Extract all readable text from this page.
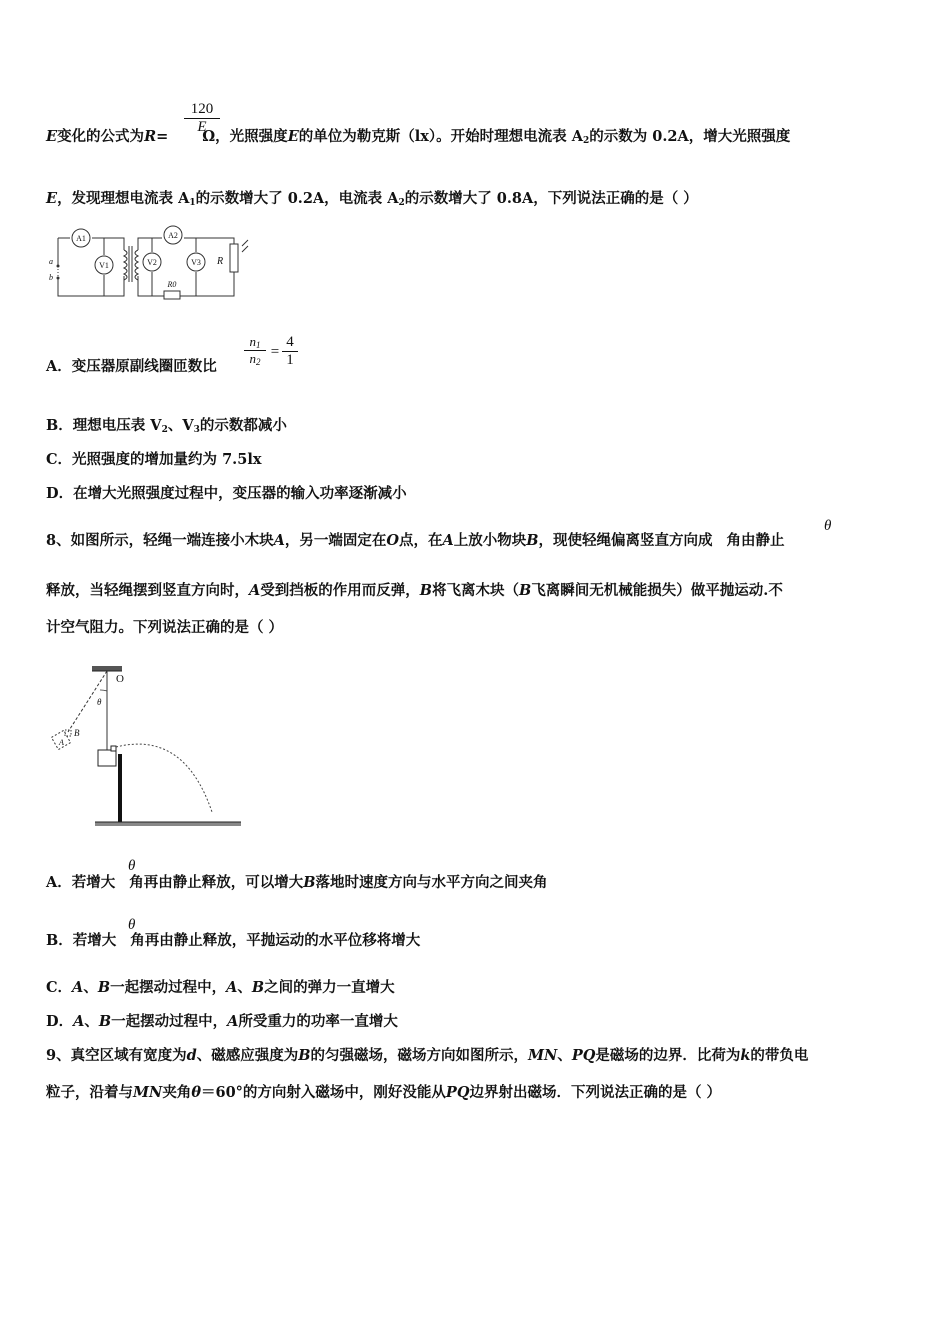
E变化的公式为R= Ω，光照强度E的单位为勒克斯（lx）。开始时理想电流表 $A_2$的示数为 0.2A，增大光照强度
120
E
E，发现理想电流表 $A_1$的示数增大了 0.2A，电流表 $A_2$的示数增大了 0.8A，下列说法正确的是（ ）
a
b
A1
V1
A2
V2	V3 R
R0
A．变压器原副线圈匝数比
$n_1$
$n_2$
=
4
1
B．理想电压表 $V_2$、$V_3$的示数都减小
C．光照强度的增加量约为 7.5lx
D．在增大光照强度过程中，变压器的输入功率逐渐减小
8、如图所示，轻绳一端连接小木块A，另一端固定在O点，在A上放小物块B，现使轻绳偏离竖直方向成 角由静止
θ
释放，当轻绳摆到竖直方向时，A受到挡板的作用而反弹，B将飞离木块（B飞离瞬间无机械能损失）做平抛运动.不
计空气阻力。下列说法正确的是（ ）
O
θ
A
B
A．若增大 角再由静止释放，可以增大B落地时速度方向与水平方向之间夹角
θ
B．若增大 角再由静止释放，平抛运动的水平位移将增大
θ
C．A、B一起摆动过程中，A、B之间的弹力一直增大
D．A、B一起摆动过程中，A所受重力的功率一直增大
9、真空区域有宽度为d、磁感应强度为B的匀强磁场，磁场方向如图所示，MN、PQ是磁场的边界．比荷为k的带负电
粒子，沿着与MN夹角θ＝60°的方向射入磁场中，刚好没能从PQ边界射出磁场．下列说法正确的是（ ）
